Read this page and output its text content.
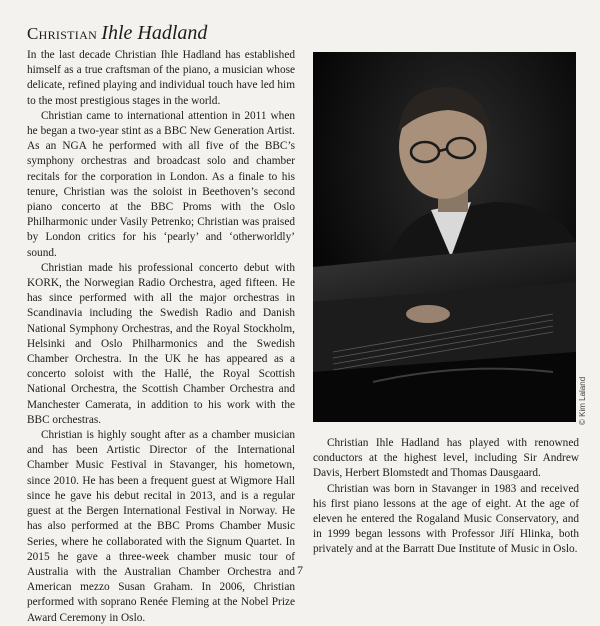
Christian Ihle Hadland

In the last decade Christian Ihle Hadland has established himself as a true craftsman of the piano, a musician whose delicate, refined playing and individual touch have led him to the most prestigious stages in the world.

Christian came to international attention in 2011 when he began a two-year stint as a BBC New Generation Artist. As an NGA he performed with all five of the BBC’s symphony orchestras and broadcast solo and chamber recitals for the corporation in London. As a finale to his tenure, Christian was the soloist in Beethoven’s second piano concerto at the BBC Proms with the Oslo Philharmonic under Vasily Petrenko; Christian was praised by London critics for his ‘pearly’ and ‘otherworldly’ sound.

Christian made his professional concerto debut with KORK, the Norwegian Radio Orchestra, aged fifteen. He has since performed with all the major orchestras in Scandinavia including the Swedish Radio and Danish National Symphony Orchestras, and the Royal Stockholm, Helsinki and Oslo Philharmonics and the Swedish Chamber Orchestra. In the UK he has appeared as a concerto soloist with the Hallé, the Royal Scottish National Orchestra, the Scottish Chamber Orchestra and Manchester Camerata, in addition to his work with the BBC orchestras.

Christian is highly sought after as a chamber musician and has been Artistic Director of the International Chamber Music Festival in Stavanger, his hometown, since 2010. He has been a frequent guest at Wigmore Hall since he gave his debut recital in 2013, and is a regular guest at the Bergen International Festival in Norway. He has also performed at the BBC Proms Chamber Music Series, where he collaborated with the Signum Quartet. In 2015 he gave a three-week chamber music tour of Australia with the Australian Chamber Orchestra and American mezzo Susan Graham. In 2006, Christian performed with soprano Renée Fleming at the Nobel Prize Award Ceremony in Oslo.

© Kim Laland

Christian Ihle Hadland has played with renowned conductors at the highest level, including Sir Andrew Davis, Herbert Blomstedt and Thomas Dausgaard.

Christian was born in Stavanger in 1983 and received his first piano lessons at the age of eight. At the age of eleven he entered the Rogaland Music Conservatory, and in 1999 began lessons with Professor Jiří Hlinka, both privately and at the Barratt Due Institute of Music in Oslo.

7
